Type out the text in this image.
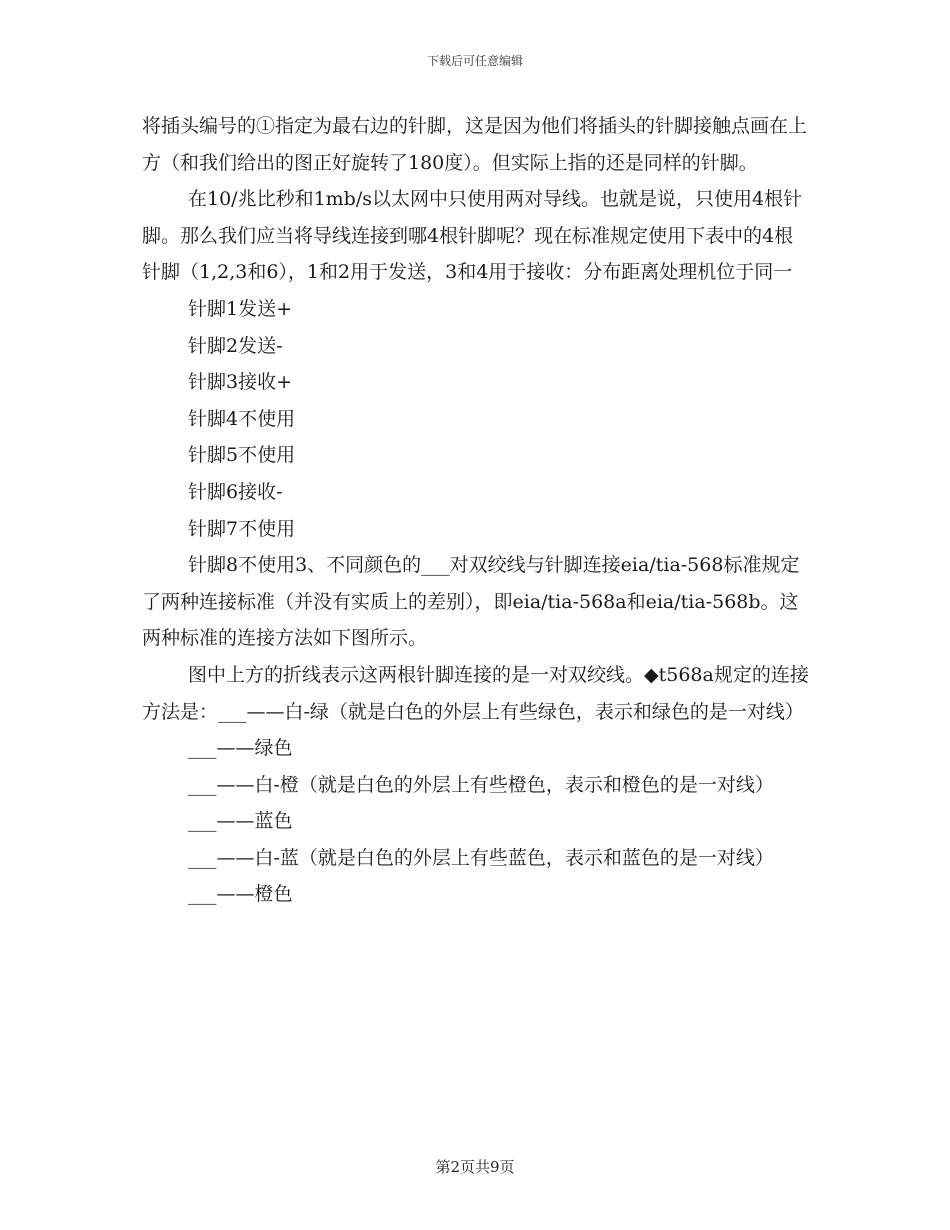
下载后可任意编辑

将插头编号的①指定为最右边的针脚，这是因为他们将插头的针脚接触点画在上方（和我们给出的图正好旋转了180度）。但实际上指的还是同样的针脚。

在10/兆比秒和1mb/s以太网中只使用两对导线。也就是说，只使用4根针脚。那么我们应当将导线连接到哪4根针脚呢？现在标准规定使用下表中的4根针脚（1,2,3和6），1和2用于发送，3和4用于接收：分布距离处理机位于同一

针脚1发送+

针脚2发送-

针脚3接收+

针脚4不使用

针脚5不使用

针脚6接收-

针脚7不使用

针脚8不使用3、不同颜色的___对双绞线与针脚连接eia/tia-568标准规定了两种连接标准（并没有实质上的差别），即eia/tia-568a和eia/tia-568b。这两种标准的连接方法如下图所示。

图中上方的折线表示这两根针脚连接的是一对双绞线。◆t568a规定的连接方法是：___——白-绿（就是白色的外层上有些绿色，表示和绿色的是一对线）

___——绿色

___——白-橙（就是白色的外层上有些橙色，表示和橙色的是一对线）

___——蓝色

___——白-蓝（就是白色的外层上有些蓝色，表示和蓝色的是一对线）

___——橙色

第2页共9页
